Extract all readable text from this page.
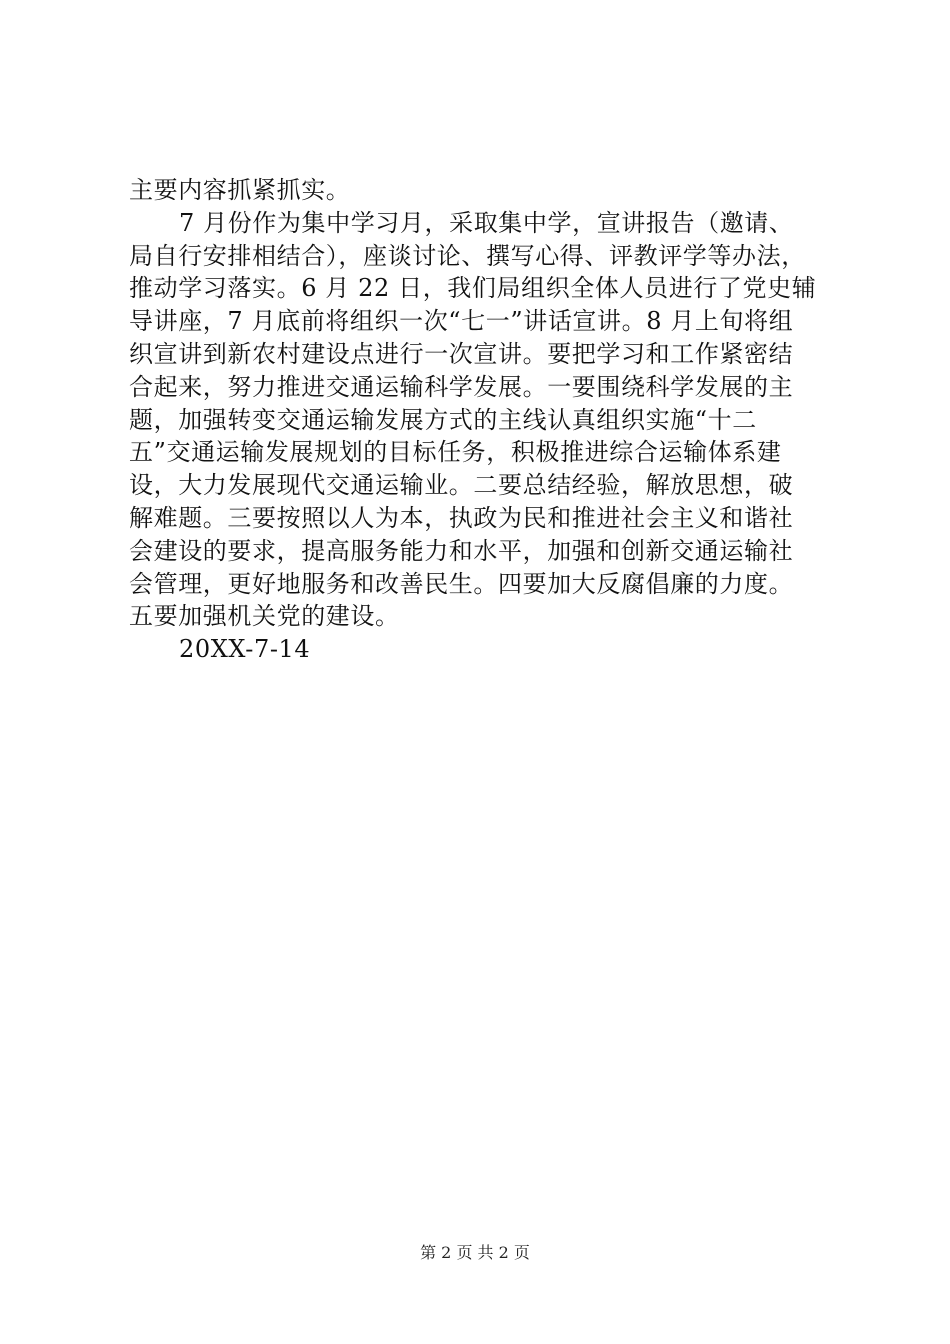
主要内容抓紧抓实。
7 月份作为集中学习月，采取集中学，宣讲报告（邀请、
局自行安排相结合），座谈讨论、撰写心得、评教评学等办法，
推动学习落实。6 月 22 日，我们局组织全体人员进行了党史辅
导讲座，7 月底前将组织一次“七一”讲话宣讲。8 月上旬将组
织宣讲到新农村建设点进行一次宣讲。要把学习和工作紧密结
合起来，努力推进交通运输科学发展。一要围绕科学发展的主
题，加强转变交通运输发展方式的主线认真组织实施“十二
五”交通运输发展规划的目标任务，积极推进综合运输体系建
设，大力发展现代交通运输业。二要总结经验，解放思想，破
解难题。三要按照以人为本，执政为民和推进社会主义和谐社
会建设的要求，提高服务能力和水平，加强和创新交通运输社
会管理，更好地服务和改善民生。四要加大反腐倡廉的力度。
五要加强机关党的建设。
20XX-7-14
第 2 页 共 2 页
